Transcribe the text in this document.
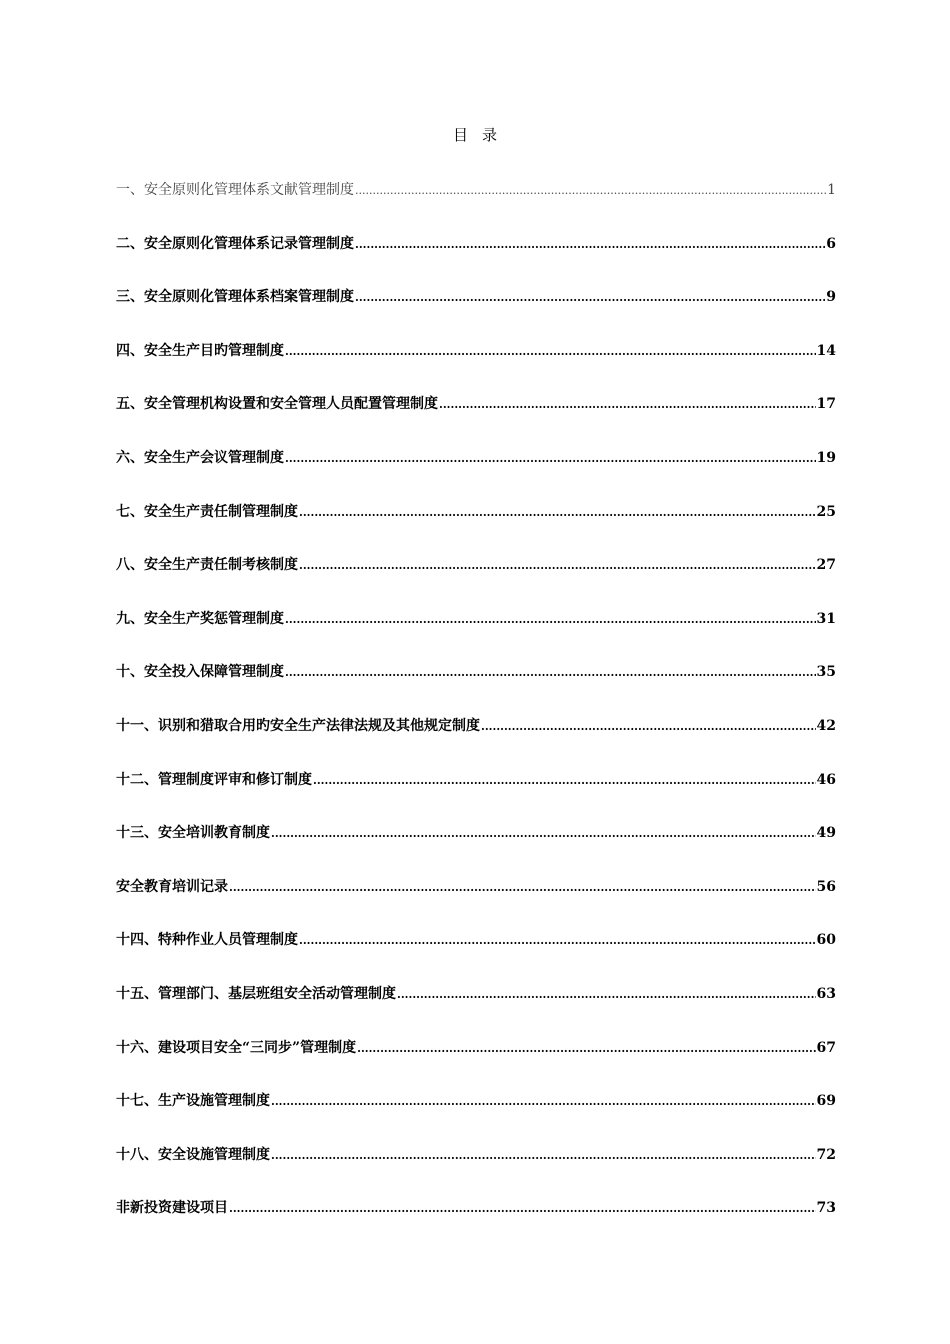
目 录
一、安全原则化管理体系文献管理制度 .....	1
二、安全原则化管理体系记录管理制度 .....	6
三、安全原则化管理体系档案管理制度 .....	9
四、安全生产目旳管理制度 .....	14
五、安全管理机构设置和安全管理人员配置管理制度 .....	17
六、安全生产会议管理制度 .....	19
七、安全生产责任制管理制度 .....	25
八、安全生产责任制考核制度 .....	27
九、安全生产奖惩管理制度 .....	31
十、安全投入保障管理制度 .....	35
十一、识别和猎取合用旳安全生产法律法规及其他规定制度 .....	42
十二、管理制度评审和修订制度 .....	46
十三、安全培训教育制度 .....	49
安全教育培训记录 .....	56
十四、特种作业人员管理制度 .....	60
十五、管理部门、基层班组安全活动管理制度 .....	63
十六、建设项目安全“三同步”管理制度 .....	67
十七、生产设施管理制度 .....	69
十八、安全设施管理制度 .....	72
非新投资建设项目 .....	73
